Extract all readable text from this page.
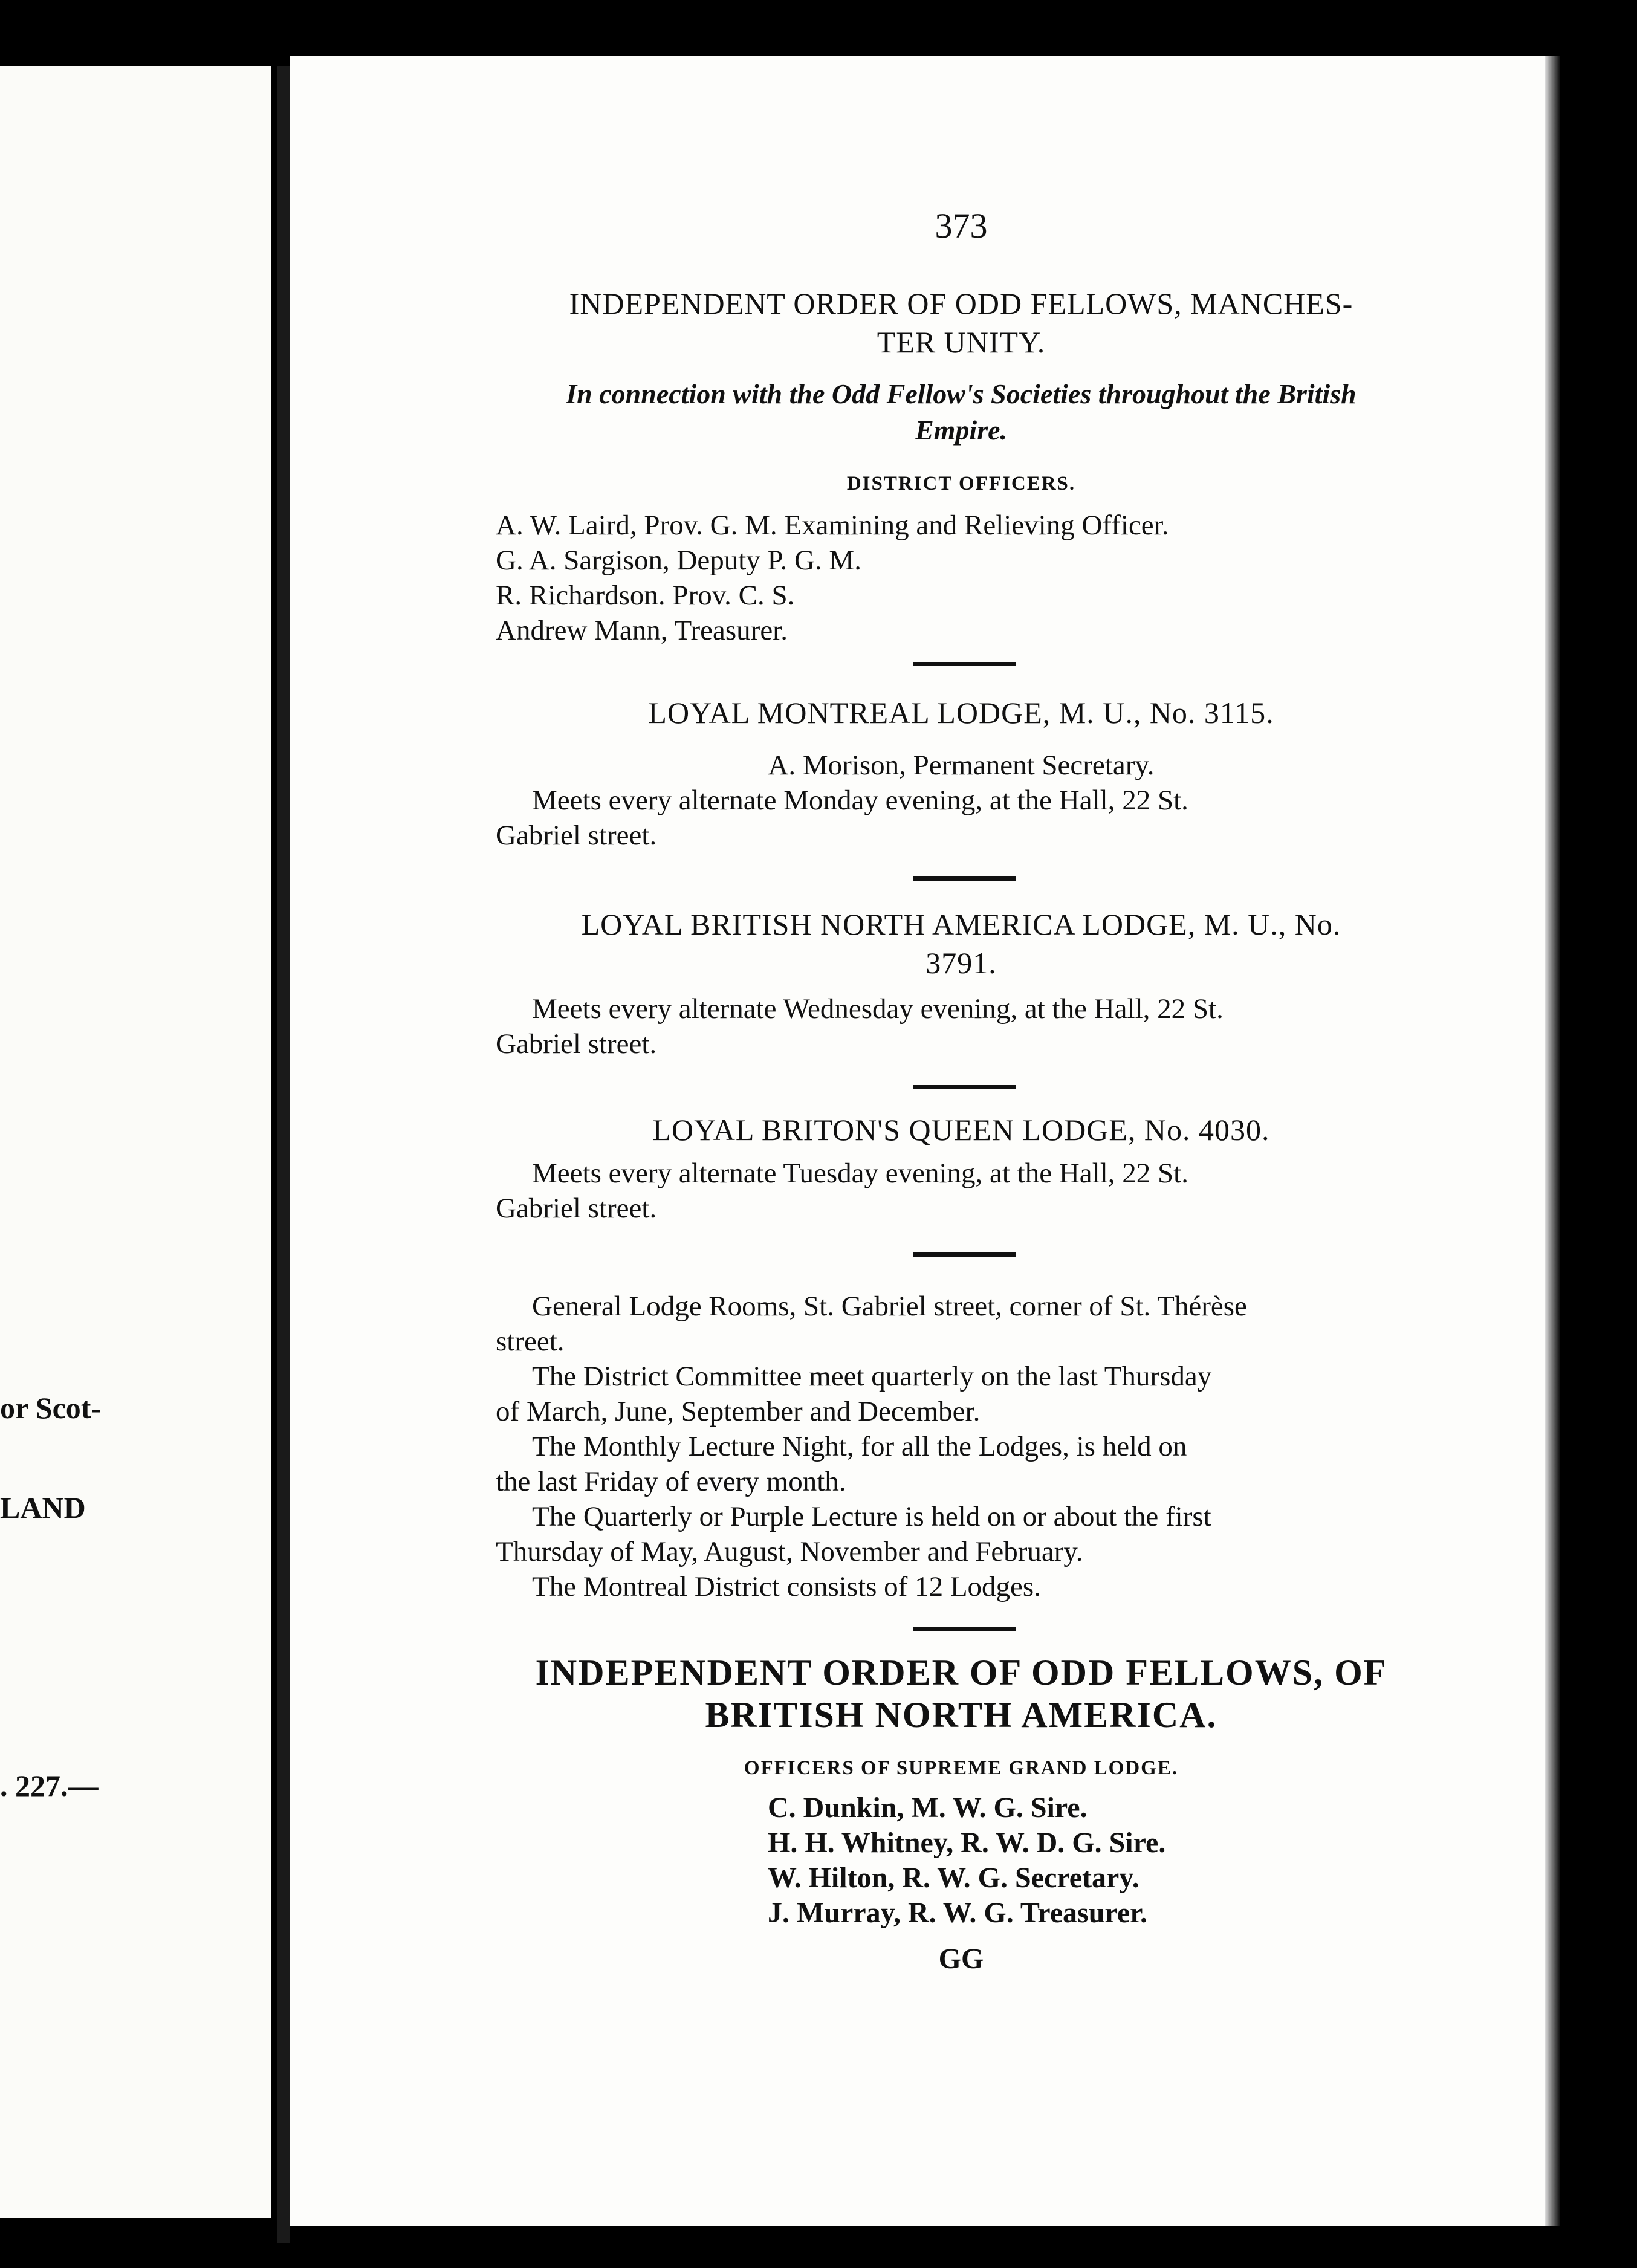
or Scot-
LAND
. 227.—
373
INDEPENDENT ORDER OF ODD FELLOWS, MANCHES-
TER UNITY.
In connection with the Odd Fellow's Societies throughout the British
Empire.
DISTRICT OFFICERS.
A. W. Laird, Prov. G. M. Examining and Relieving Officer.
G. A. Sargison, Deputy P. G. M.
R. Richardson. Prov. C. S.
Andrew Mann, Treasurer.
LOYAL MONTREAL LODGE, M. U., No. 3115.
A. Morison, Permanent Secretary.
Meets every alternate Monday evening, at the Hall, 22 St.
Gabriel street.
LOYAL BRITISH NORTH AMERICA LODGE, M. U., No.
3791.
Meets every alternate Wednesday evening, at the Hall, 22 St.
Gabriel street.
LOYAL BRITON'S QUEEN LODGE, No. 4030.
Meets every alternate Tuesday evening, at the Hall, 22 St.
Gabriel street.
General Lodge Rooms, St. Gabriel street, corner of St. Thérèse
street.
The District Committee meet quarterly on the last Thursday
of March, June, September and December.
The Monthly Lecture Night, for all the Lodges, is held on
the last Friday of every month.
The Quarterly or Purple Lecture is held on or about the first
Thursday of May, August, November and February.
The Montreal District consists of 12 Lodges.
INDEPENDENT ORDER OF ODD FELLOWS, OF
BRITISH NORTH AMERICA.
OFFICERS OF SUPREME GRAND LODGE.
C. Dunkin, M. W. G. Sire.
H. H. Whitney, R. W. D. G. Sire.
W. Hilton, R. W. G. Secretary.
J. Murray, R. W. G. Treasurer.
GG
